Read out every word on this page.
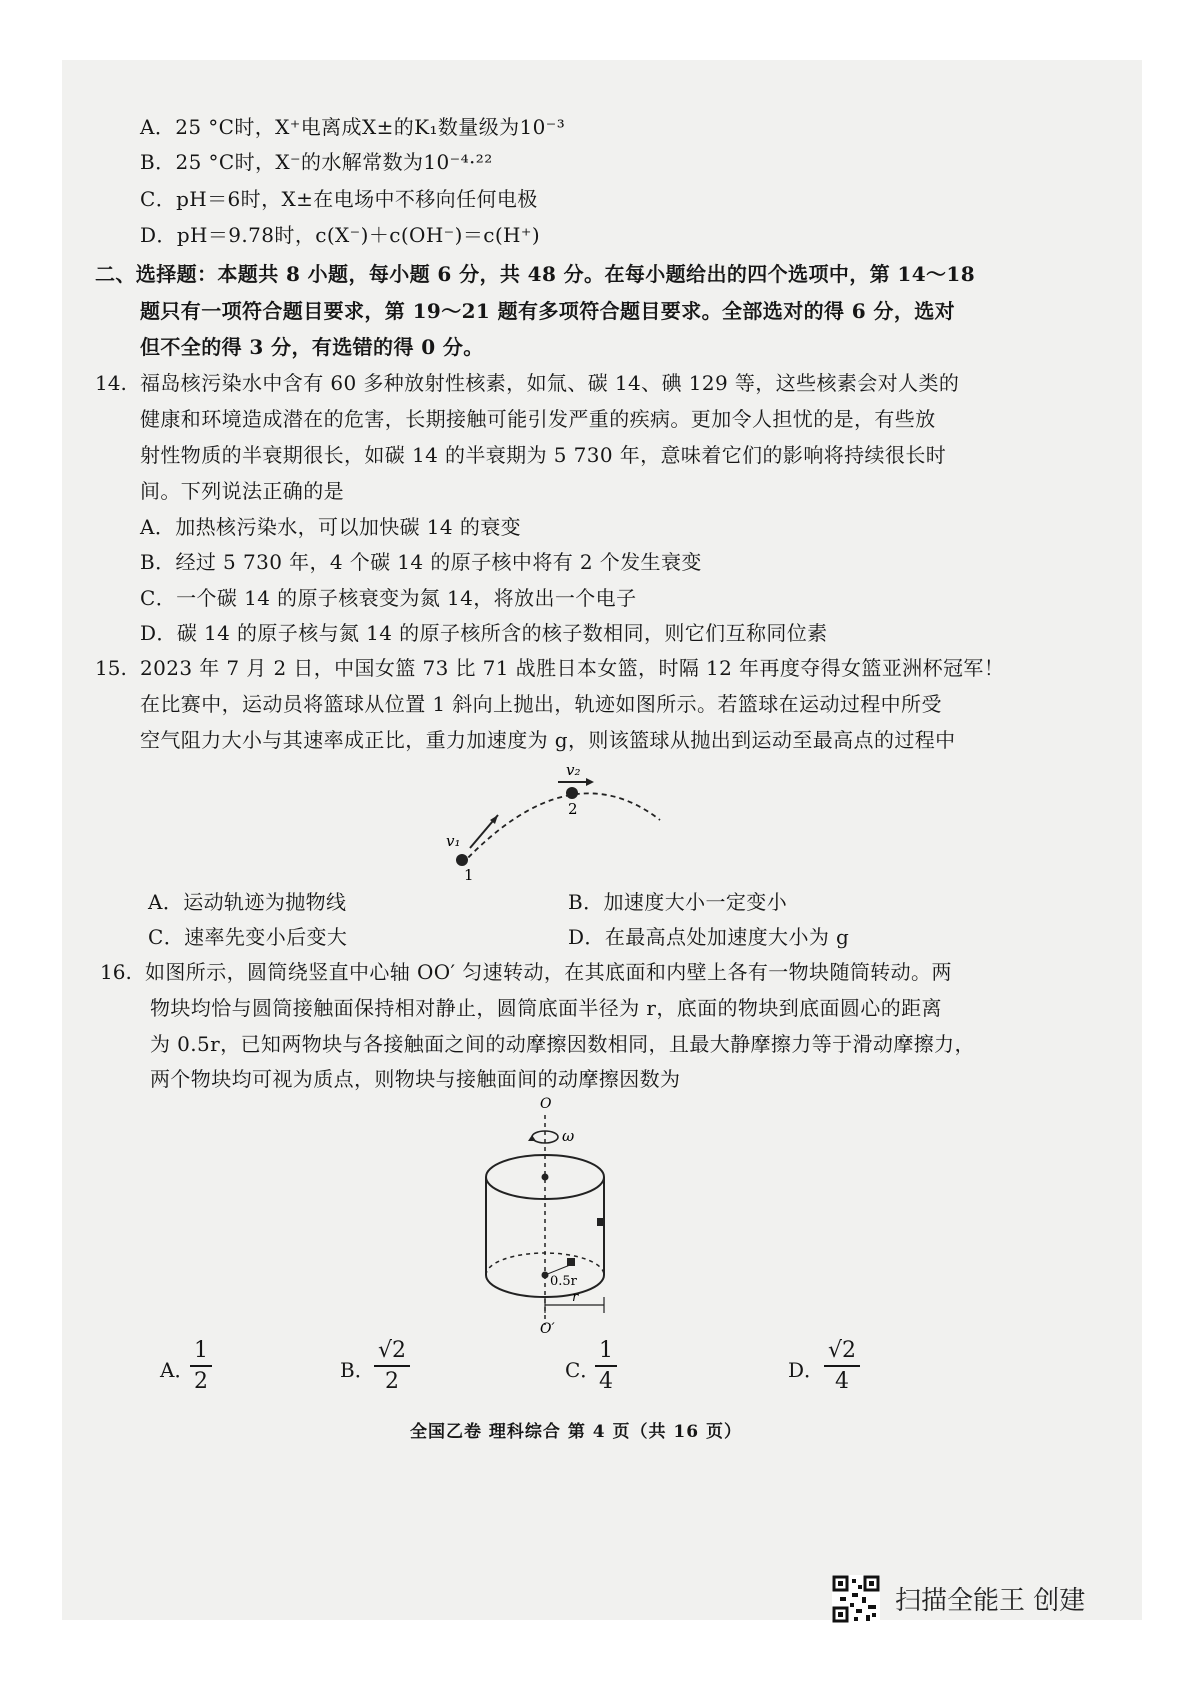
A．25 °C时，X⁺电离成X±的K₁数量级为10⁻³
B．25 °C时，X⁻的水解常数为10⁻⁴·²²
C．pH＝6时，X±在电场中不移向任何电极
D．pH＝9.78时，c(X⁻)＋c(OH⁻)＝c(H⁺)
二、选择题：本题共 8 小题，每小题 6 分，共 48 分。在每小题给出的四个选项中，第 14～18
题只有一项符合题目要求，第 19～21 题有多项符合题目要求。全部选对的得 6 分，选对
但不全的得 3 分，有选错的得 0 分。
14. 福岛核污染水中含有 60 多种放射性核素，如氚、碳 14、碘 129 等，这些核素会对人类的
健康和环境造成潜在的危害，长期接触可能引发严重的疾病。更加令人担忧的是，有些放
射性物质的半衰期很长，如碳 14 的半衰期为 5 730 年，意味着它们的影响将持续很长时
间。下列说法正确的是
A．加热核污染水，可以加快碳 14 的衰变
B．经过 5 730 年，4 个碳 14 的原子核中将有 2 个发生衰变
C．一个碳 14 的原子核衰变为氮 14，将放出一个电子
D．碳 14 的原子核与氮 14 的原子核所含的核子数相同，则它们互称同位素
15. 2023 年 7 月 2 日，中国女篮 73 比 71 战胜日本女篮，时隔 12 年再度夺得女篮亚洲杯冠军！
在比赛中，运动员将篮球从位置 1 斜向上抛出，轨迹如图所示。若篮球在运动过程中所受
空气阻力大小与其速率成正比，重力加速度为 g，则该篮球从抛出到运动至最高点的过程中
v₁
v₂
1
2
A．运动轨迹为抛物线	B．加速度大小一定变小
C．速率先变小后变大	D．在最高点处加速度大小为 g
16. 如图所示，圆筒绕竖直中心轴 OO′ 匀速转动，在其底面和内壁上各有一物块随筒转动。两
物块均恰与圆筒接触面保持相对静止，圆筒底面半径为 r，底面的物块到底面圆心的距离
为 0.5r，已知两物块与各接触面之间的动摩擦因数相同，且最大静摩擦力等于滑动摩擦力，
两个物块均可视为质点，则物块与接触面间的动摩擦因数为
O
ω
0.5r
r
O′
A．
$\frac{1}{2}$	B． $\frac{√2}{2}$	C．
$\frac{1}{4}$	D． $\frac{√2}{4}$
全国乙卷 理科综合 第 4 页（共 16 页）
扫描全能王 创建
